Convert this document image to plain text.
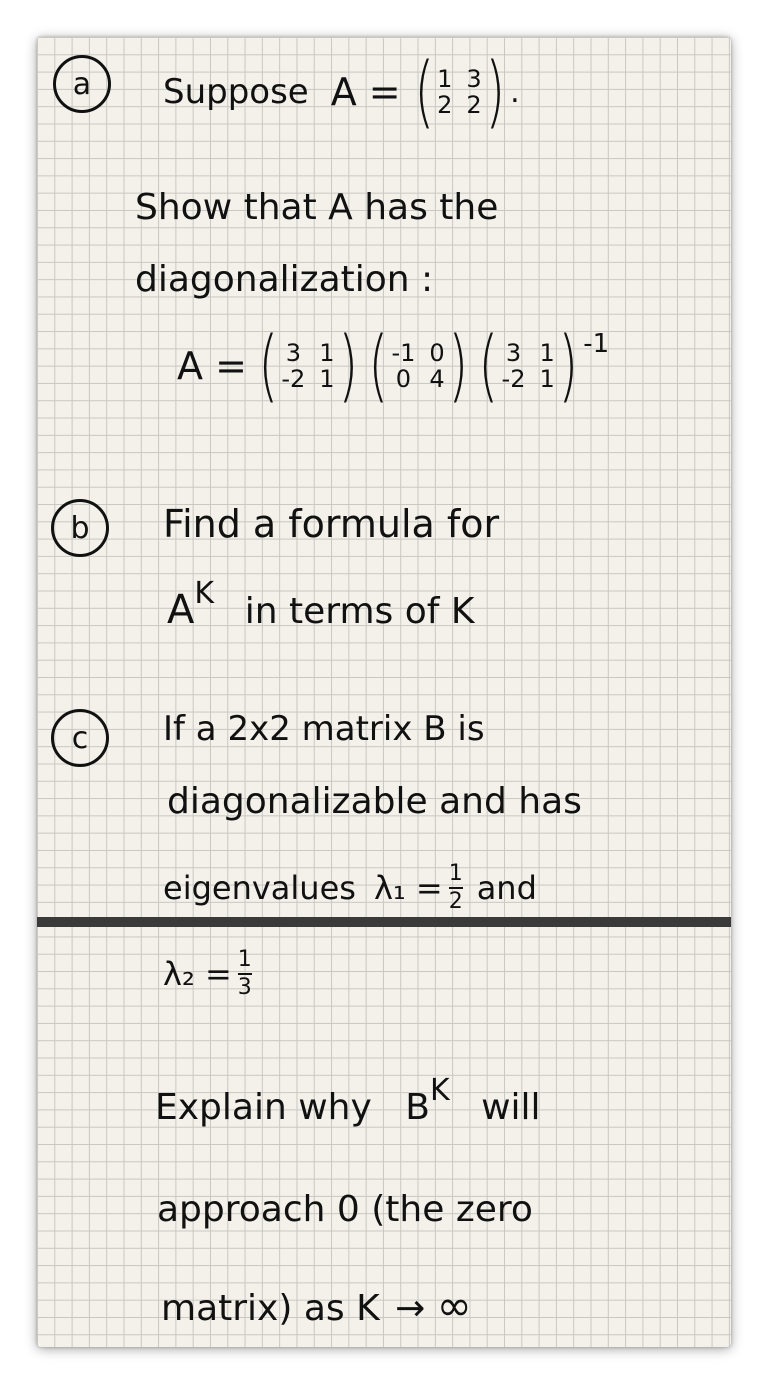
a Suppose A = ( 1 3
2 2 ) .
Show that A has the
diagonalization :
A = ( 3 1
-2 1 ) ( -1 0
0 4 ) ( 3 1
-2 1 ) -1
b Find a formula for
$A^K$ in terms of K
c If a 2x2 matrix B is
diagonalizable and has
eigenvalues $\lambda_1 = \frac{1}{2}$ and
$\lambda_2 = \frac{1}{3}$
Explain why $B^K$ will
approach 0 (the zero
matrix) as K → ∞
